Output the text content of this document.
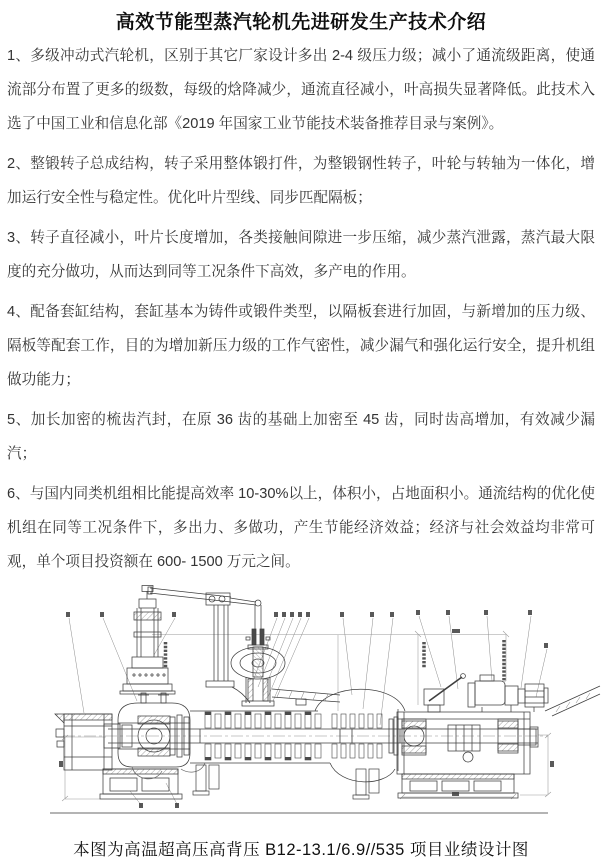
高效节能型蒸汽轮机先进研发生产技术介绍

1、多级冲动式汽轮机，区别于其它厂家设计多出 2-4 级压力级；减小了通流级距离，使通流部分布置了更多的级数，每级的焓降减少，通流直径减小，叶高损失显著降低。此技术入选了中国工业和信息化部《2019 年国家工业节能技术装备推荐目录与案例》。

2、整锻转子总成结构，转子采用整体锻打件，为整锻钢性转子，叶轮与转轴为一体化，增加运行安全性与稳定性。优化叶片型线、同步匹配隔板；

3、转子直径减小，叶片长度增加，各类接触间隙进一步压缩，减少蒸汽泄露，蒸汽最大限度的充分做功，从而达到同等工况条件下高效，多产电的作用。

4、配备套缸结构，套缸基本为铸件或锻件类型，以隔板套进行加固，与新增加的压力级、隔板等配套工作，目的为增加新压力级的工作气密性，减少漏气和强化运行安全，提升机组做功能力；

5、加长加密的梳齿汽封，在原 36 齿的基础上加密至 45 齿，同时齿高增加，有效减少漏汽；

6、与国内同类机组相比能提高效率 10-30%以上，体积小，占地面积小。通流结构的优化使机组在同等工况条件下，多出力、多做功，产生节能经济效益；经济与社会效益均非常可观，单个项目投资额在 600- 1500 万元之间。

本图为高温超高压高背压 B12-13.1/6.9//535 项目业绩设计图
